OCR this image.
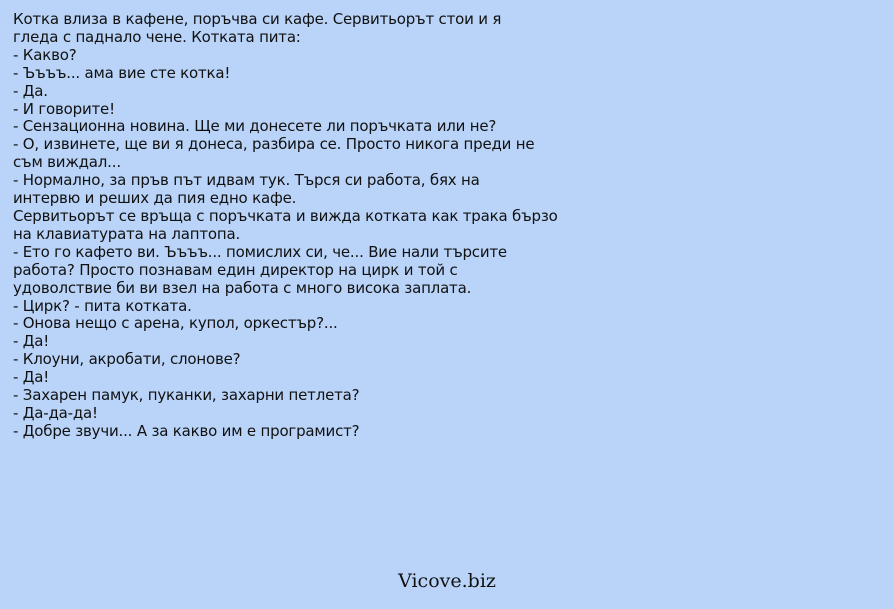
Котка влиза в кафене, поръчва си кафе. Сервитьорът стои и я
гледа с паднало чене. Котката пита:
- Какво?
- Ъъъъ... ама вие сте котка!
- Да.
- И говорите!
- Сензационна новина. Ще ми донесете ли поръчката или не?
- О, извинете, ще ви я донеса, разбира се. Просто никога преди не
съм виждал...
- Нормално, за пръв път идвам тук. Търся си работа, бях на
интервю и реших да пия едно кафе.
Сервитьорът се връща с поръчката и вижда котката как трака бързо
на клавиатурата на лаптопа.
- Ето го кафето ви. Ъъъъ... помислих си, че... Вие нали търсите
работа? Просто познавам един директор на цирк и той с
удоволствие би ви взел на работа с много висока заплата.
- Цирк? - пита котката.
- Онова нещо с арена, купол, оркестър?...
- Да!
- Клоуни, акробати, слонове?
- Да!
- Захарен памук, пуканки, захарни петлета?
- Да-да-да!
- Добре звучи... А за какво им е програмист?
Vicove.biz
